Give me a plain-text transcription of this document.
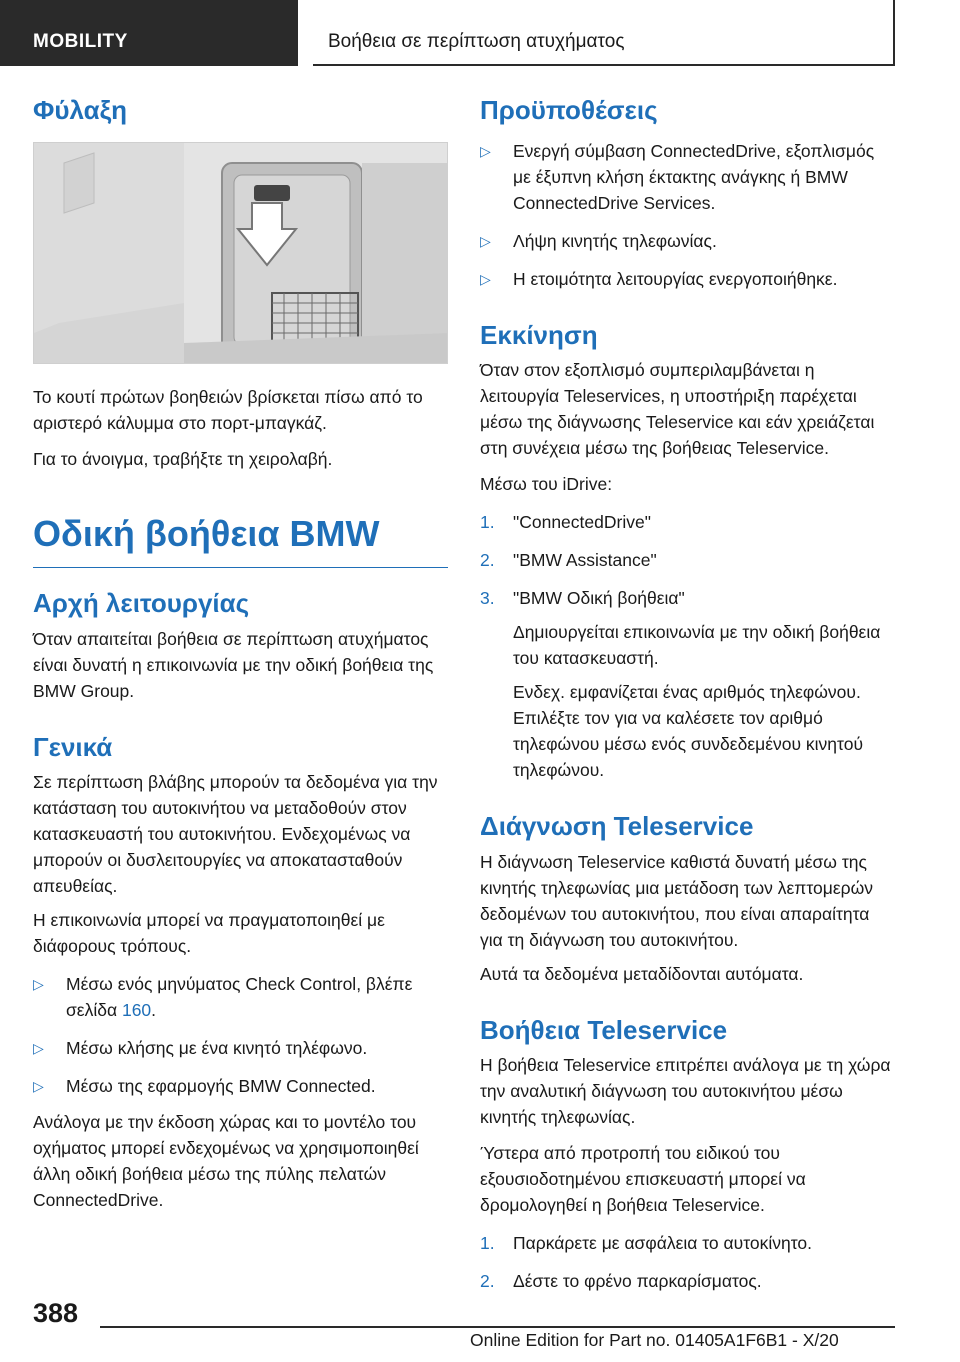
MOBILITY	Βοήθεια σε περίπτωση ατυχήματος
Φύλαξη

Το κουτί πρώτων βοηθειών βρίσκεται πίσω από το αριστερό κάλυμμα στο πορτ-μπαγκάζ.

Για το άνοιγμα, τραβήξτε τη χειρολαβή.

Οδική βοήθεια BMW
Αρχή λειτουργίας

Όταν απαιτείται βοήθεια σε περίπτωση ατυχήματος είναι δυνατή η επικοινωνία με την οδική βοήθεια της BMW Group.

Γενικά

Σε περίπτωση βλάβης μπορούν τα δεδομένα για την κατάσταση του αυτοκινήτου να μεταδοθούν στον κατασκευαστή του αυτοκινήτου. Ενδεχομένως να μπορούν οι δυσλειτουργίες να αποκατασταθούν απευθείας.

Η επικοινωνία μπορεί να πραγματοποιηθεί με διάφορους τρόπους.

▷	Μέσω ενός μηνύματος Check Control, βλέπε σελίδα 160.
▷	Μέσω κλήσης με ένα κινητό τηλέφωνο.
▷	Μέσω της εφαρμογής BMW Connected.

Ανάλογα με την έκδοση χώρας και το μοντέλο του οχήματος μπορεί ενδεχομένως να χρησιμοποιηθεί άλλη οδική βοήθεια μέσω της πύλης πελατών ConnectedDrive.

Προϋποθέσεις
▷	Ενεργή σύμβαση ConnectedDrive, εξοπλισμός με έξυπνη κλήση έκτακτης ανάγκης ή BMW ConnectedDrive Services.
▷	Λήψη κινητής τηλεφωνίας.
▷	Η ετοιμότητα λειτουργίας ενεργοποιήθηκε.
Εκκίνηση

Όταν στον εξοπλισμό συμπεριλαμβάνεται η λειτουργία Teleservices, η υποστήριξη παρέχεται μέσω της διάγνωσης Teleservice και εάν χρειάζεται στη συνέχεια μέσω της βοήθειας Teleservice.

Μέσω του iDrive:

1. "ConnectedDrive"
2. "BMW Assistance"
3. "BMW Οδική βοήθεια"

Δημιουργείται επικοινωνία με την οδική βοήθεια του κατασκευαστή.

Ενδεχ. εμφανίζεται ένας αριθμός τηλεφώνου. Επιλέξτε τον για να καλέσετε τον αριθμό τηλεφώνου μέσω ενός συνδεδεμένου κινητού τηλεφώνου.

Διάγνωση Teleservice

Η διάγνωση Teleservice καθιστά δυνατή μέσω της κινητής τηλεφωνίας μια μετάδοση των λεπτομερών δεδομένων του αυτοκινήτου, που είναι απαραίτητα για τη διάγνωση του αυτοκινήτου.

Αυτά τα δεδομένα μεταδίδονται αυτόματα.

Βοήθεια Teleservice

Η βοήθεια Teleservice επιτρέπει ανάλογα με τη χώρα την αναλυτική διάγνωση του αυτοκινήτου μέσω κινητής τηλεφωνίας.

Ύστερα από προτροπή του ειδικού του εξουσιοδοτημένου επισκευαστή μπορεί να δρομολογηθεί η βοήθεια Teleservice.

1. Παρκάρετε με ασφάλεια το αυτοκίνητο.
2. Δέστε το φρένο παρκαρίσματος.
388
Online Edition for Part no. 01405A1F6B1 - X/20
